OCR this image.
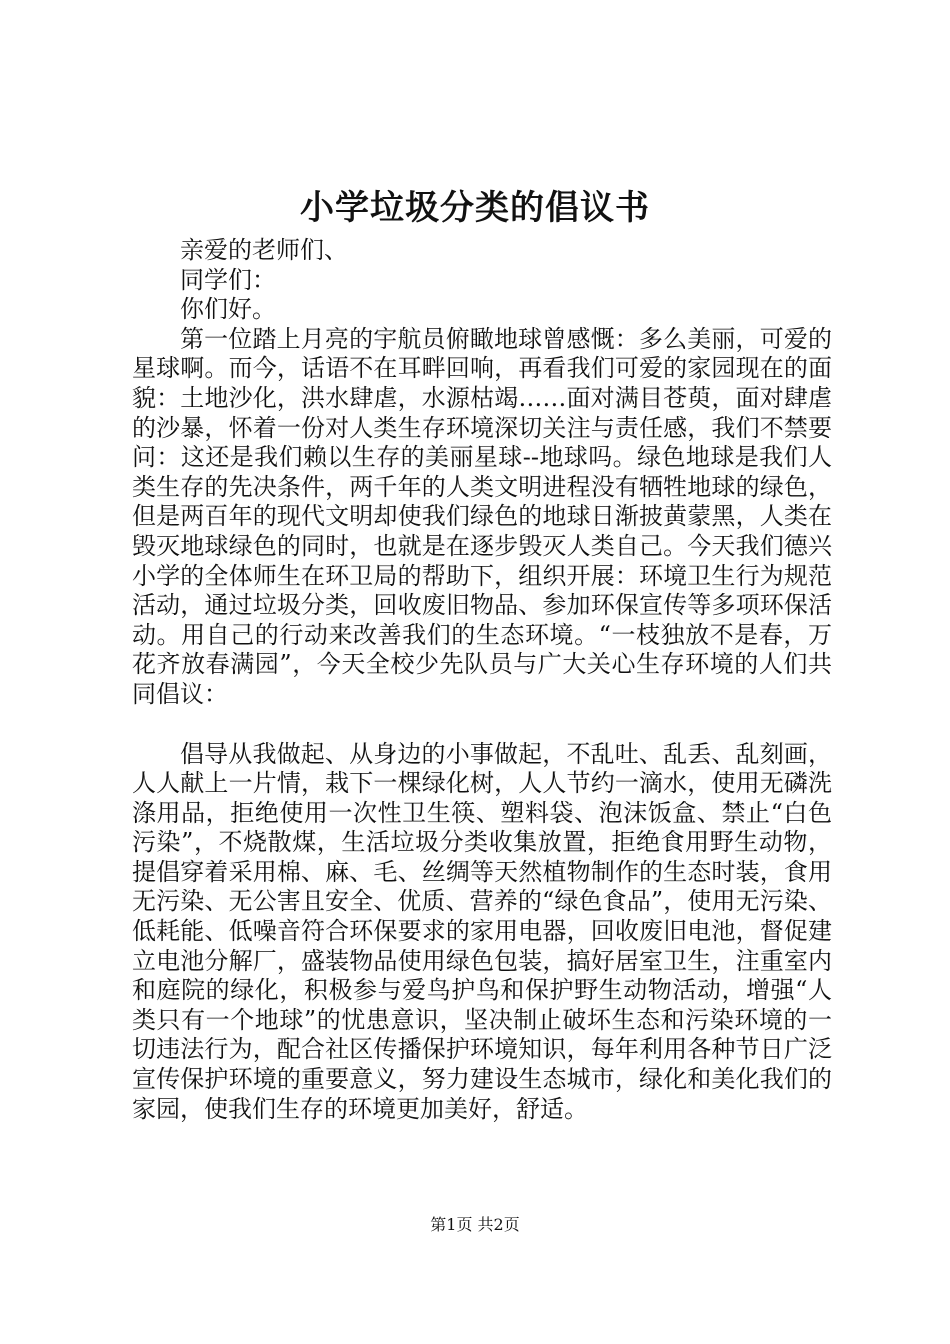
小学垃圾分类的倡议书

亲爱的老师们、

同学们：

你们好。

第一位踏上月亮的宇航员俯瞰地球曾感慨：多么美丽，可爱的星球啊。而今，话语不在耳畔回响，再看我们可爱的家园现在的面貌：土地沙化，洪水肆虐，水源枯竭……面对满目苍萸，面对肆虐的沙暴，怀着一份对人类生存环境深切关注与责任感，我们不禁要问：这还是我们赖以生存的美丽星球--地球吗。绿色地球是我们人类生存的先决条件，两千年的人类文明进程没有牺牲地球的绿色，但是两百年的现代文明却使我们绿色的地球日渐披黄蒙黑，人类在毁灭地球绿色的同时，也就是在逐步毁灭人类自己。今天我们德兴小学的全体师生在环卫局的帮助下，组织开展：环境卫生行为规范活动，通过垃圾分类，回收废旧物品、参加环保宣传等多项环保活动。用自己的行动来改善我们的生态环境。“一枝独放不是春，万花齐放春满园”，今天全校少先队员与广大关心生存环境的人们共同倡议：

倡导从我做起、从身边的小事做起，不乱吐、乱丢、乱刻画，人人献上一片情，栽下一棵绿化树，人人节约一滴水，使用无磷洗涤用品，拒绝使用一次性卫生筷、塑料袋、泡沫饭盒、禁止“白色污染”，不烧散煤，生活垃圾分类收集放置，拒绝食用野生动物，提倡穿着采用棉、麻、毛、丝绸等天然植物制作的生态时装，食用无污染、无公害且安全、优质、营养的“绿色食品”，使用无污染、低耗能、低噪音符合环保要求的家用电器，回收废旧电池，督促建立电池分解厂，盛装物品使用绿色包装，搞好居室卫生，注重室内和庭院的绿化，积极参与爱鸟护鸟和保护野生动物活动，增强“人类只有一个地球”的忧患意识，坚决制止破坏生态和污染环境的一切违法行为，配合社区传播保护环境知识，每年利用各种节日广泛宣传保护环境的重要意义，努力建设生态城市，绿化和美化我们的家园，使我们生存的环境更加美好，舒适。

第1页 共2页
